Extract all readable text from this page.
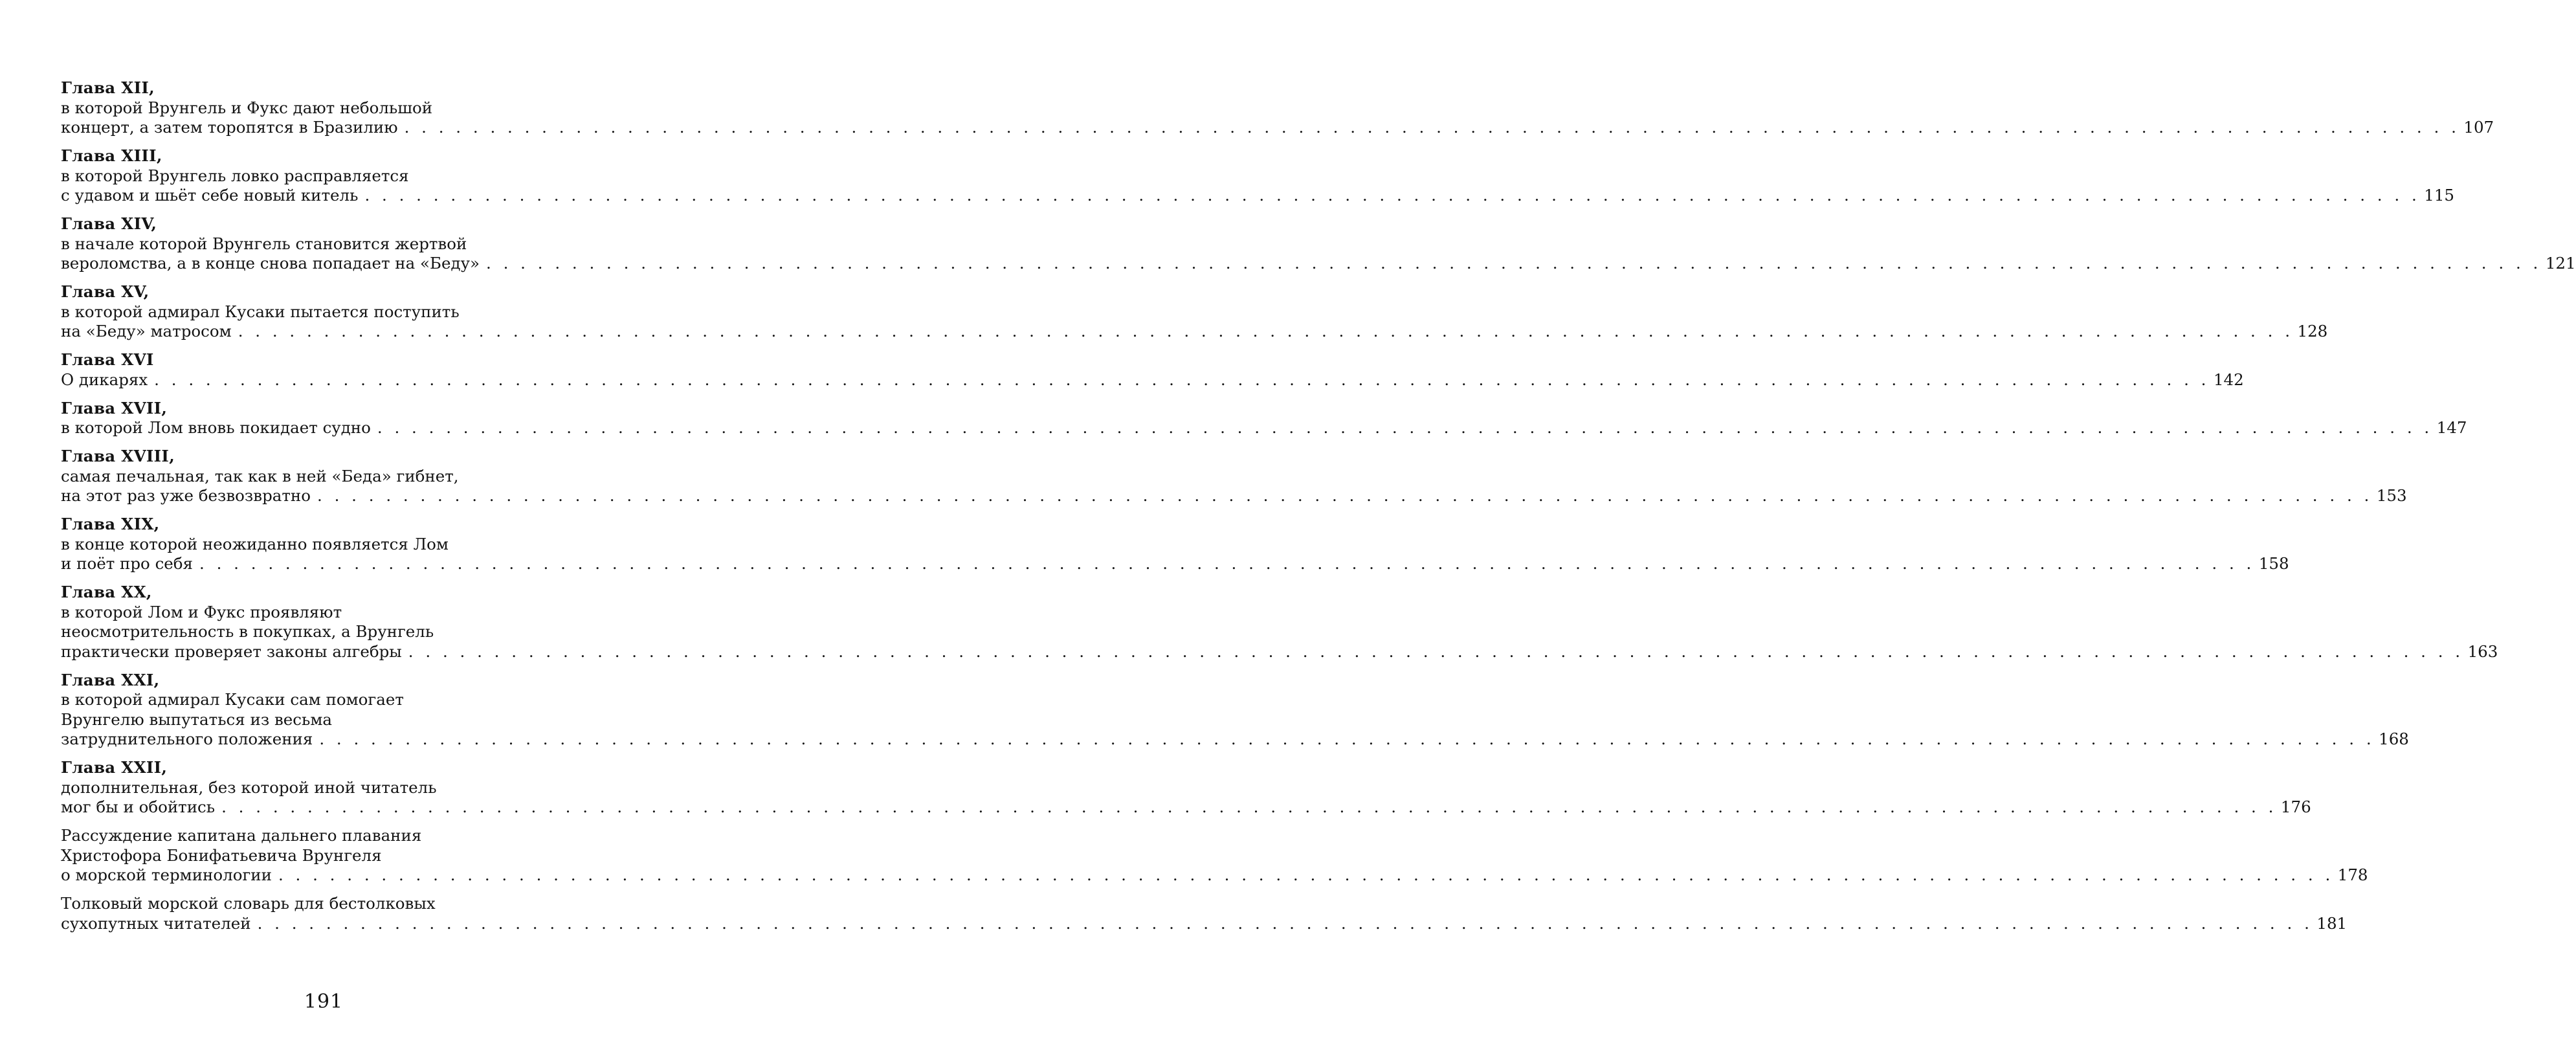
Глава XII,
в которой Врунгель и Фукс дают небольшой
концерт, а затем торопятся в Бразилию . . . . . . . . . . . . . . . . . . . . . . . . . . . . . . . . . . . . . . . . . . . . . . . . . . . . . . . . . . . . . . . . . . . . . . . . . . . . . . . . . . . . . . . . . . . . . . . . . . . . . . . . . . . . . . . . . . . . . . . . 107
Глава XIII,
в которой Врунгель ловко расправляется
с удавом и шьёт себе новый китель . . . . . . . . . . . . . . . . . . . . . . . . . . . . . . . . . . . . . . . . . . . . . . . . . . . . . . . . . . . . . . . . . . . . . . . . . . . . . . . . . . . . . . . . . . . . . . . . . . . . . . . . . . . . . . . . . . . . . . . . 115
Глава XIV,
в начале которой Врунгель становится жертвой
вероломства, а в конце снова попадает на «Беду» . . . . . . . . . . . . . . . . . . . . . . . . . . . . . . . . . . . . . . . . . . . . . . . . . . . . . . . . . . . . . . . . . . . . . . . . . . . . . . . . . . . . . . . . . . . . . . . . . . . . . . . . . . . . . . . . . . . . . . . . 121
Глава XV,
в которой адмирал Кусаки пытается поступить
на «Беду» матросом . . . . . . . . . . . . . . . . . . . . . . . . . . . . . . . . . . . . . . . . . . . . . . . . . . . . . . . . . . . . . . . . . . . . . . . . . . . . . . . . . . . . . . . . . . . . . . . . . . . . . . . . . . . . . . . . . . . . . . . . 128
Глава XVI
О дикарях . . . . . . . . . . . . . . . . . . . . . . . . . . . . . . . . . . . . . . . . . . . . . . . . . . . . . . . . . . . . . . . . . . . . . . . . . . . . . . . . . . . . . . . . . . . . . . . . . . . . . . . . . . . . . . . . . . . . . . . . 142
Глава XVII,
в которой Лом вновь покидает судно . . . . . . . . . . . . . . . . . . . . . . . . . . . . . . . . . . . . . . . . . . . . . . . . . . . . . . . . . . . . . . . . . . . . . . . . . . . . . . . . . . . . . . . . . . . . . . . . . . . . . . . . . . . . . . . . . . . . . . . . 147
Глава XVIII,
самая печальная, так как в ней «Беда» гибнет,
на этот раз уже безвозвратно . . . . . . . . . . . . . . . . . . . . . . . . . . . . . . . . . . . . . . . . . . . . . . . . . . . . . . . . . . . . . . . . . . . . . . . . . . . . . . . . . . . . . . . . . . . . . . . . . . . . . . . . . . . . . . . . . . . . . . . . 153
Глава XIX,
в конце которой неожиданно появляется Лом
и поёт про себя . . . . . . . . . . . . . . . . . . . . . . . . . . . . . . . . . . . . . . . . . . . . . . . . . . . . . . . . . . . . . . . . . . . . . . . . . . . . . . . . . . . . . . . . . . . . . . . . . . . . . . . . . . . . . . . . . . . . . . . . 158
Глава XX,
в которой Лом и Фукс проявляют
неосмотрительность в покупках, а Врунгель
практически проверяет законы алгебры . . . . . . . . . . . . . . . . . . . . . . . . . . . . . . . . . . . . . . . . . . . . . . . . . . . . . . . . . . . . . . . . . . . . . . . . . . . . . . . . . . . . . . . . . . . . . . . . . . . . . . . . . . . . . . . . . . . . . . . . 163
Глава XXI,
в которой адмирал Кусаки сам помогает
Врунгелю выпутаться из весьма
затруднительного положения . . . . . . . . . . . . . . . . . . . . . . . . . . . . . . . . . . . . . . . . . . . . . . . . . . . . . . . . . . . . . . . . . . . . . . . . . . . . . . . . . . . . . . . . . . . . . . . . . . . . . . . . . . . . . . . . . . . . . . . . 168
Глава XXII,
дополнительная, без которой иной читатель
мог бы и обойтись . . . . . . . . . . . . . . . . . . . . . . . . . . . . . . . . . . . . . . . . . . . . . . . . . . . . . . . . . . . . . . . . . . . . . . . . . . . . . . . . . . . . . . . . . . . . . . . . . . . . . . . . . . . . . . . . . . . . . . . . 176
Рассуждение капитана дальнего плавания
Христофора Бонифатьевича Врунгеля
о морской терминологии . . . . . . . . . . . . . . . . . . . . . . . . . . . . . . . . . . . . . . . . . . . . . . . . . . . . . . . . . . . . . . . . . . . . . . . . . . . . . . . . . . . . . . . . . . . . . . . . . . . . . . . . . . . . . . . . . . . . . . . . 178
Толковый морской словарь для бестолковых
сухопутных читателей . . . . . . . . . . . . . . . . . . . . . . . . . . . . . . . . . . . . . . . . . . . . . . . . . . . . . . . . . . . . . . . . . . . . . . . . . . . . . . . . . . . . . . . . . . . . . . . . . . . . . . . . . . . . . . . . . . . . . . . . 181
191
